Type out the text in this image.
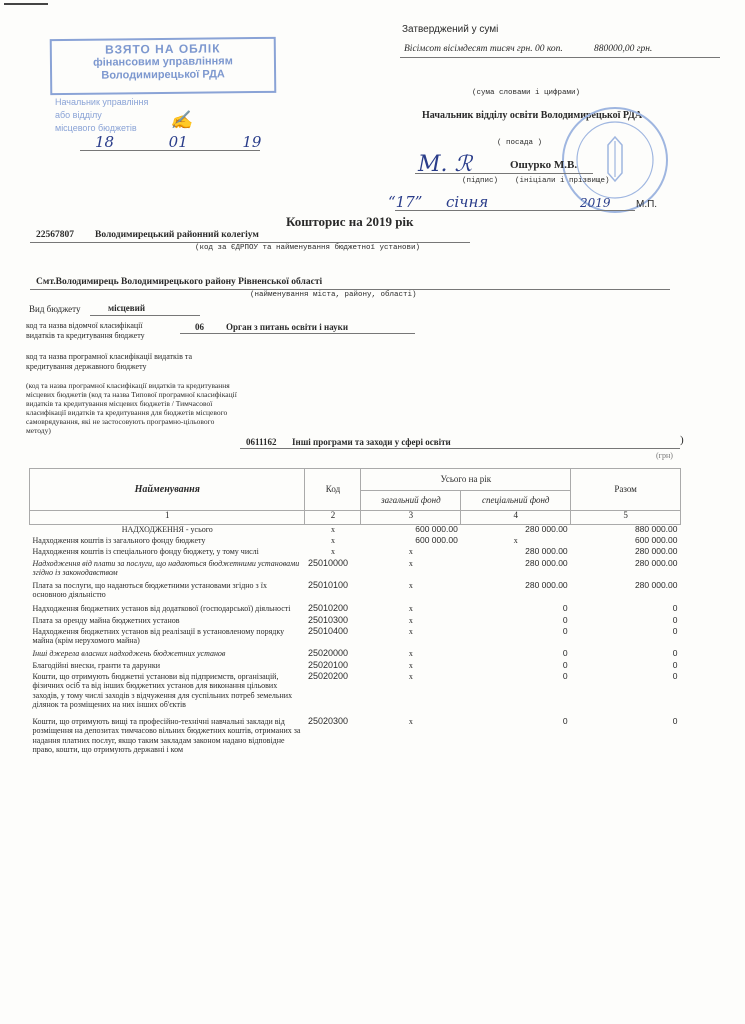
ВЗЯТО НА ОБЛІК
фінансовим управлінням
Володимирецької РДА
Начальник управління
або відділу
місцевого бюджетів	✍
18	01	19
Затверджений у сумі
Вісімсот вісімдесят тисяч грн. 00 коп.	880000,00 грн.
(сума словами і цифрами)
Начальник відділу освіти Володимирецької РДА
( посада )
М. ℛ	Ошурко М.В.
(підпис) (ініціали і прізвище)
“17”  січня	2019	М.П.
Кошторис на 2019 рік
22567807 Володимирецький районний колегіум
(код за ЄДРПОУ та найменування бюджетної установи)
Смт.Володимирець Володимирецького району Рівненської області
(найменування міста, району, області)
Вид бюджету	місцевий
код та назва відомчої класифікації видатків та кредитування бюджету
06 Орган з питань освіти і науки
код та назва програмної класифікації видатків та кредитування державного бюджету
(код та назва програмної класифікації видатків та кредитування місцевих бюджетів (код та назва Типової програмної класифікації видатків та кредитування місцевих бюджетів / Тимчасової класифікації видатків та кредитування для бюджетів місцевого самоврядування, які не застосовують програмно-цільового методу)
0611162 Інші програми та заходи у сфері освіти	)
(грн)
Найменування	Код	Усього на рік		Разом
		загальний фонд	спеціальний фонд	
1	2	3	4	5
НАДХОДЖЕННЯ - усього	x	600 000.00	280 000.00	880 000.00
Надходження коштів із загального фонду бюджету	x	600 000.00	x	600 000.00
Надходження коштів із спеціального фонду бюджету, у тому числі	x	x	280 000.00	280 000.00
Надходження від плати за послуги, що надаються бюджетними установами згідно із законодавством	25010000	x	280 000.00	280 000.00
Плата за послуги, що надаються бюджетними установами згідно з їх основною діяльністю	25010100	x	280 000.00	280 000.00
Надходження бюджетних установ від додаткової (господарської) діяльності	25010200	x	0	0
Плата за оренду майна бюджетних установ	25010300	x	0	0
Надходження бюджетних установ від реалізації в установленому порядку майна (крім нерухомого майна)	25010400	x	0	0
Інші джерела власних надходжень бюджетних установ	25020000	x	0	0
Благодійні внески, гранти та дарунки	25020100	x	0	0
Кошти, що отримують бюджетні установи від підприємств, організацій, фізичних осіб та від інших бюджетних установ для виконання цільових заходів, у тому числі заходів з відчуження для суспільних потреб земельних ділянок та розміщених на них інших об'єктів	25020200	x	0	0
Кошти, що отримують вищі та професійно-технічні навчальні заклади від розміщення на депозитах тимчасово вільних бюджетних коштів, отриманих за надання платних послуг, якщо таким закладам законом надано відповідне право, кошти, що отримують державні і ком	25020300	x	0	0
